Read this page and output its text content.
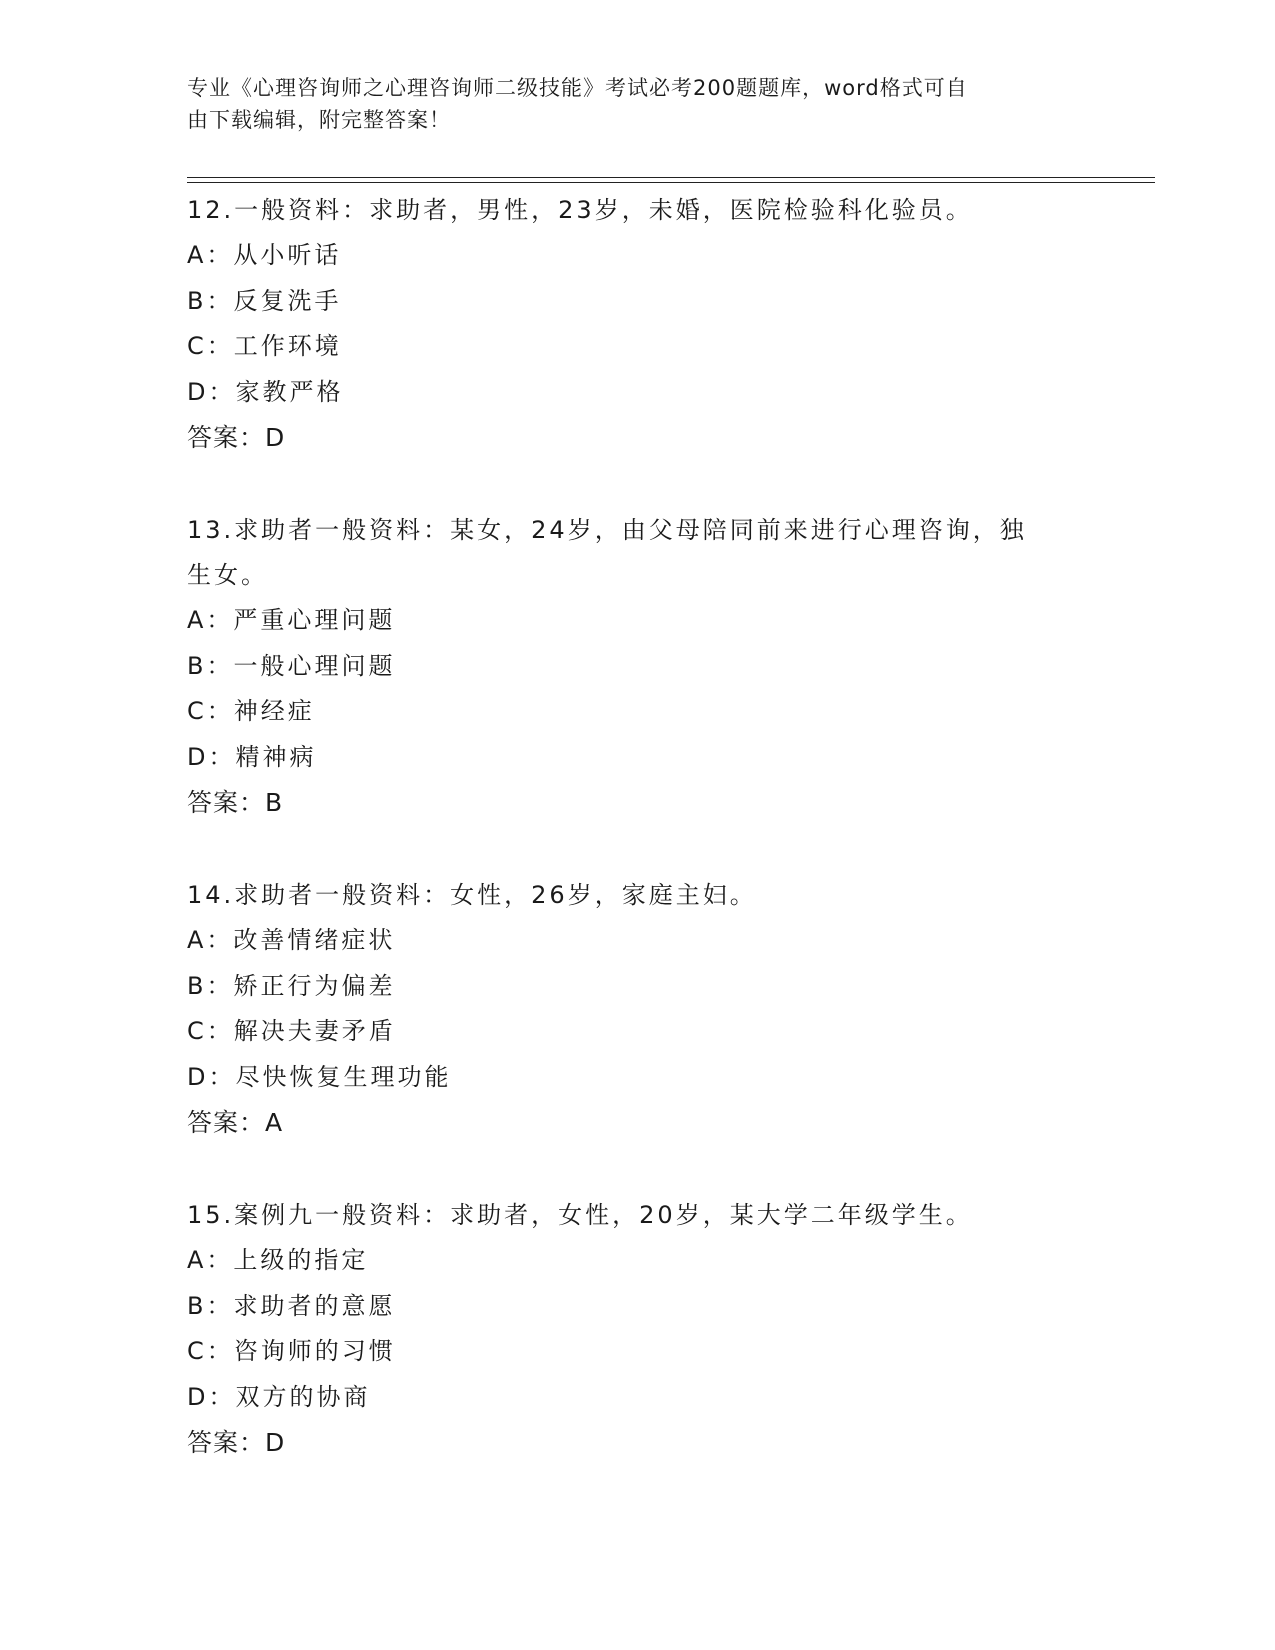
专业《心理咨询师之心理咨询师二级技能》考试必考200题题库，word格式可自
由下载编辑，附完整答案！
12.一般资料：求助者，男性，23岁，未婚，医院检验科化验员。
A：从小听话
B：反复洗手
C：工作环境
D：家教严格
答案：D
13.求助者一般资料：某女，24岁，由父母陪同前来进行心理咨询，独
生女。
A：严重心理问题
B：一般心理问题
C：神经症
D：精神病
答案：B
14.求助者一般资料：女性，26岁，家庭主妇。
A：改善情绪症状
B：矫正行为偏差
C：解决夫妻矛盾
D：尽快恢复生理功能
答案：A
15.案例九一般资料：求助者，女性，20岁，某大学二年级学生。
A：上级的指定
B：求助者的意愿
C：咨询师的习惯
D：双方的协商
答案：D
